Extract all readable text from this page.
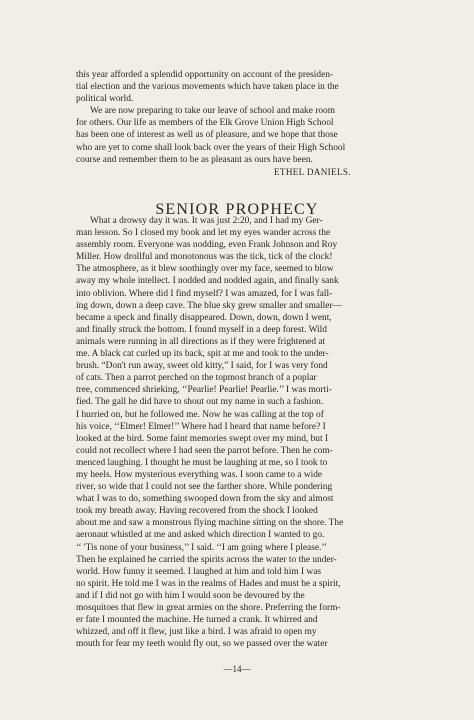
this year afforded a splendid opportunity on account of the presiden-
tial election and the various movements which have taken place in the
political world.

We are now preparing to take our leave of school and make room
for others. Our life as members of the Elk Grove Union High School
has been one of interest as well as of pleasure, and we hope that those
who are yet to come shall look back over the years of their High School
course and remember them to be as pleasant as ours have been.

ETHEL DANIELS.
SENIOR PROPHECY

What a drowsy day it was. It was just 2:20, and I had my Ger-
man lesson. So I closed my book and let my eyes wander across the
assembly room. Everyone was nodding, even Frank Johnson and Roy
Miller. How drollful and monotonous was the tick, tick of the clock!
The atmosphere, as it blew soothingly over my face, seemed to blow
away my whole intellect. I nodded and nodded again, and finally sank
into oblivion. Where did I find myself? I was amazed, for I was fall-
ing down, down a deep cave. The blue sky grew smaller and smaller—
became a speck and finally disappeared. Down, down, down I went,
and finally struck the bottom. I found myself in a deep forest. Wild
animals were running in all directions as if they were frightened at
me. A black cat curled up its back, spit at me and took to the under-
brush. “Don't run away, sweet old kitty,” I said, for I was very fond
of cats. Then a parrot perched on the topmost branch of a poplar
tree, commenced shrieking, ‘‘Pearlie! Pearlie! Pearlie.’’ I was morti-
fied. The gall he did have to shout out my name in such a fashion.
I hurried on, but he followed me. Now he was calling at the top of
his voice, ‘‘Elmer! Elmer!’’ Where had I heard that name before? I
looked at the bird. Some faint memories swept over my mind, but I
could not recollect where I had seen the parrot before. Then he com-
menced laughing. I thought he must be laughing at me, so I took to
my heels. How mysterious everything was. I soon came to a wide
river, so wide that I could not see the farther shore. While pondering
what I was to do, something swooped down from the sky and almost
took my breath away. Having recovered from the shock I looked
about me and saw a monstrous flying machine sitting on the shore. The
aeronaut whistled at me and asked which direction I wanted to go.
‘‘ 'Tis none of your business,’’ I said. ‘‘I am going where I please.’’
Then he explained he carried the spirits across the water to the under-
world. How funny it seemed. I laughed at him and told him I was
no spirit. He told me I was in the realms of Hades and must be a spirit,
and if I did not go with him I would soon be devoured by the
mosquitoes that flew in great armies on the shore. Preferring the form-
er fate I mounted the machine. He turned a crank. It whirred and
whizzed, and off it flew, just like a bird. I was afraid to open my
mouth for fear my teeth would fly out, so we passed over the water

—14—
